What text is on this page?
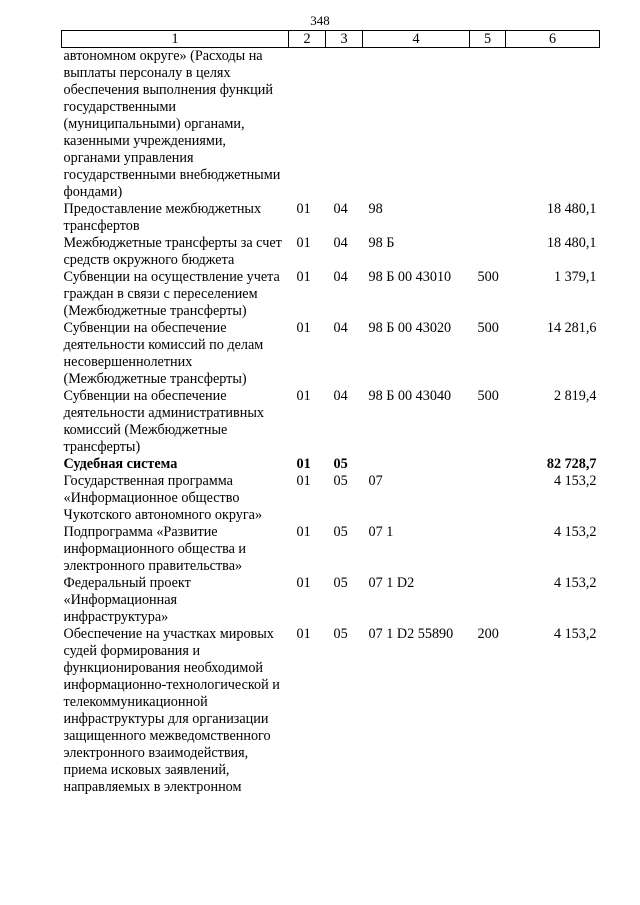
348
1	2	3	4	5	6
автономном округе» (Расходы на выплаты персоналу в целях обеспечения выполнения функций государственными (муниципальными) органами, казенными учреждениями, органами управления государственными внебюджетными фондами)					
Предоставление межбюджетных трансфертов	01	04	98		18 480,1
Межбюджетные трансферты за счет средств окружного бюджета	01	04	98 Б		18 480,1
Субвенции на осуществление учета граждан в связи с переселением (Межбюджетные трансферты)	01	04	98 Б 00 43010	500	1 379,1
Субвенции на обеспечение деятельности комиссий по делам несовершеннолетних (Межбюджетные трансферты)	01	04	98 Б 00 43020	500	14 281,6
Субвенции на обеспечение деятельности административных комиссий (Межбюджетные трансферты)	01	04	98 Б 00 43040	500	2 819,4
Судебная система	01	05			82 728,7
Государственная программа «Информационное общество Чукотского автономного округа»	01	05	07		4 153,2
Подпрограмма «Развитие информационного общества и электронного правительства»	01	05	07 1		4 153,2
Федеральный проект «Информационная инфраструктура»	01	05	07 1 D2		4 153,2
Обеспечение на участках мировых судей формирования и функционирования необходимой информационно-технологической и телекоммуникационной инфраструктуры для организации защищенного межведомственного электронного взаимодействия, приема исковых заявлений, направляемых в электронном	01	05	07 1 D2 55890	200	4 153,2
